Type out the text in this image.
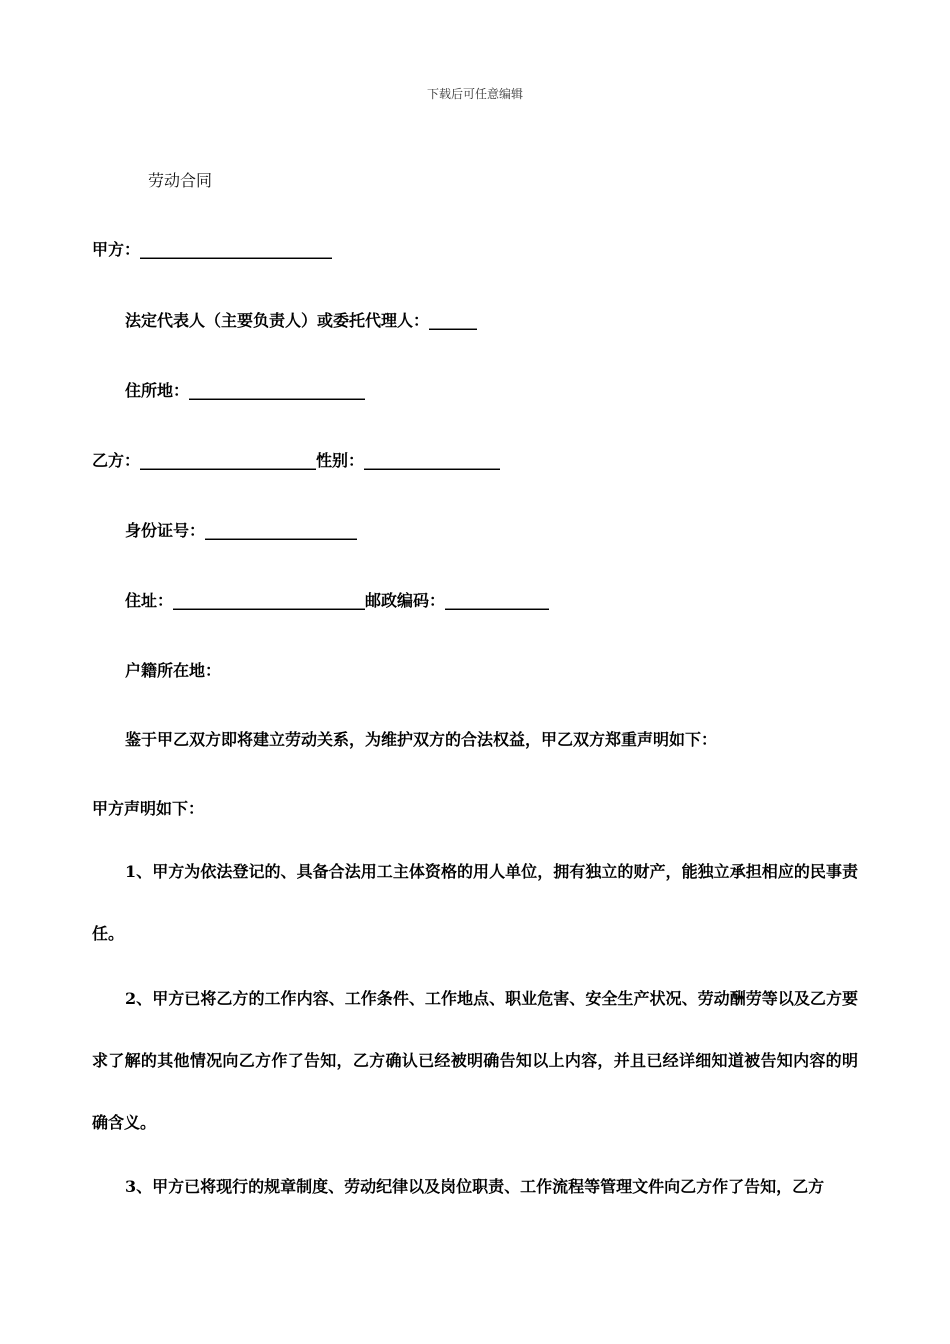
下载后可任意编辑
劳动合同
甲方：________________________
法定代表人（主要负责人）或委托代理人：______
住所地：______________________
乙方：______________________性别：_________________
身份证号：___________________
住址：________________________邮政编码：_____________
户籍所在地：
鉴于甲乙双方即将建立劳动关系，为维护双方的合法权益，甲乙双方郑重声明如下：
甲方声明如下：

1、甲方为依法登记的、具备合法用工主体资格的用人单位，拥有独立的财产，能独立承担相应的民事责任。

2、甲方已将乙方的工作内容、工作条件、工作地点、职业危害、安全生产状况、劳动酬劳等以及乙方要求了解的其他情况向乙方作了告知，乙方确认已经被明确告知以上内容，并且已经详细知道被告知内容的明确含义。

3、甲方已将现行的规章制度、劳动纪律以及岗位职责、工作流程等管理文件向乙方作了告知，乙方
